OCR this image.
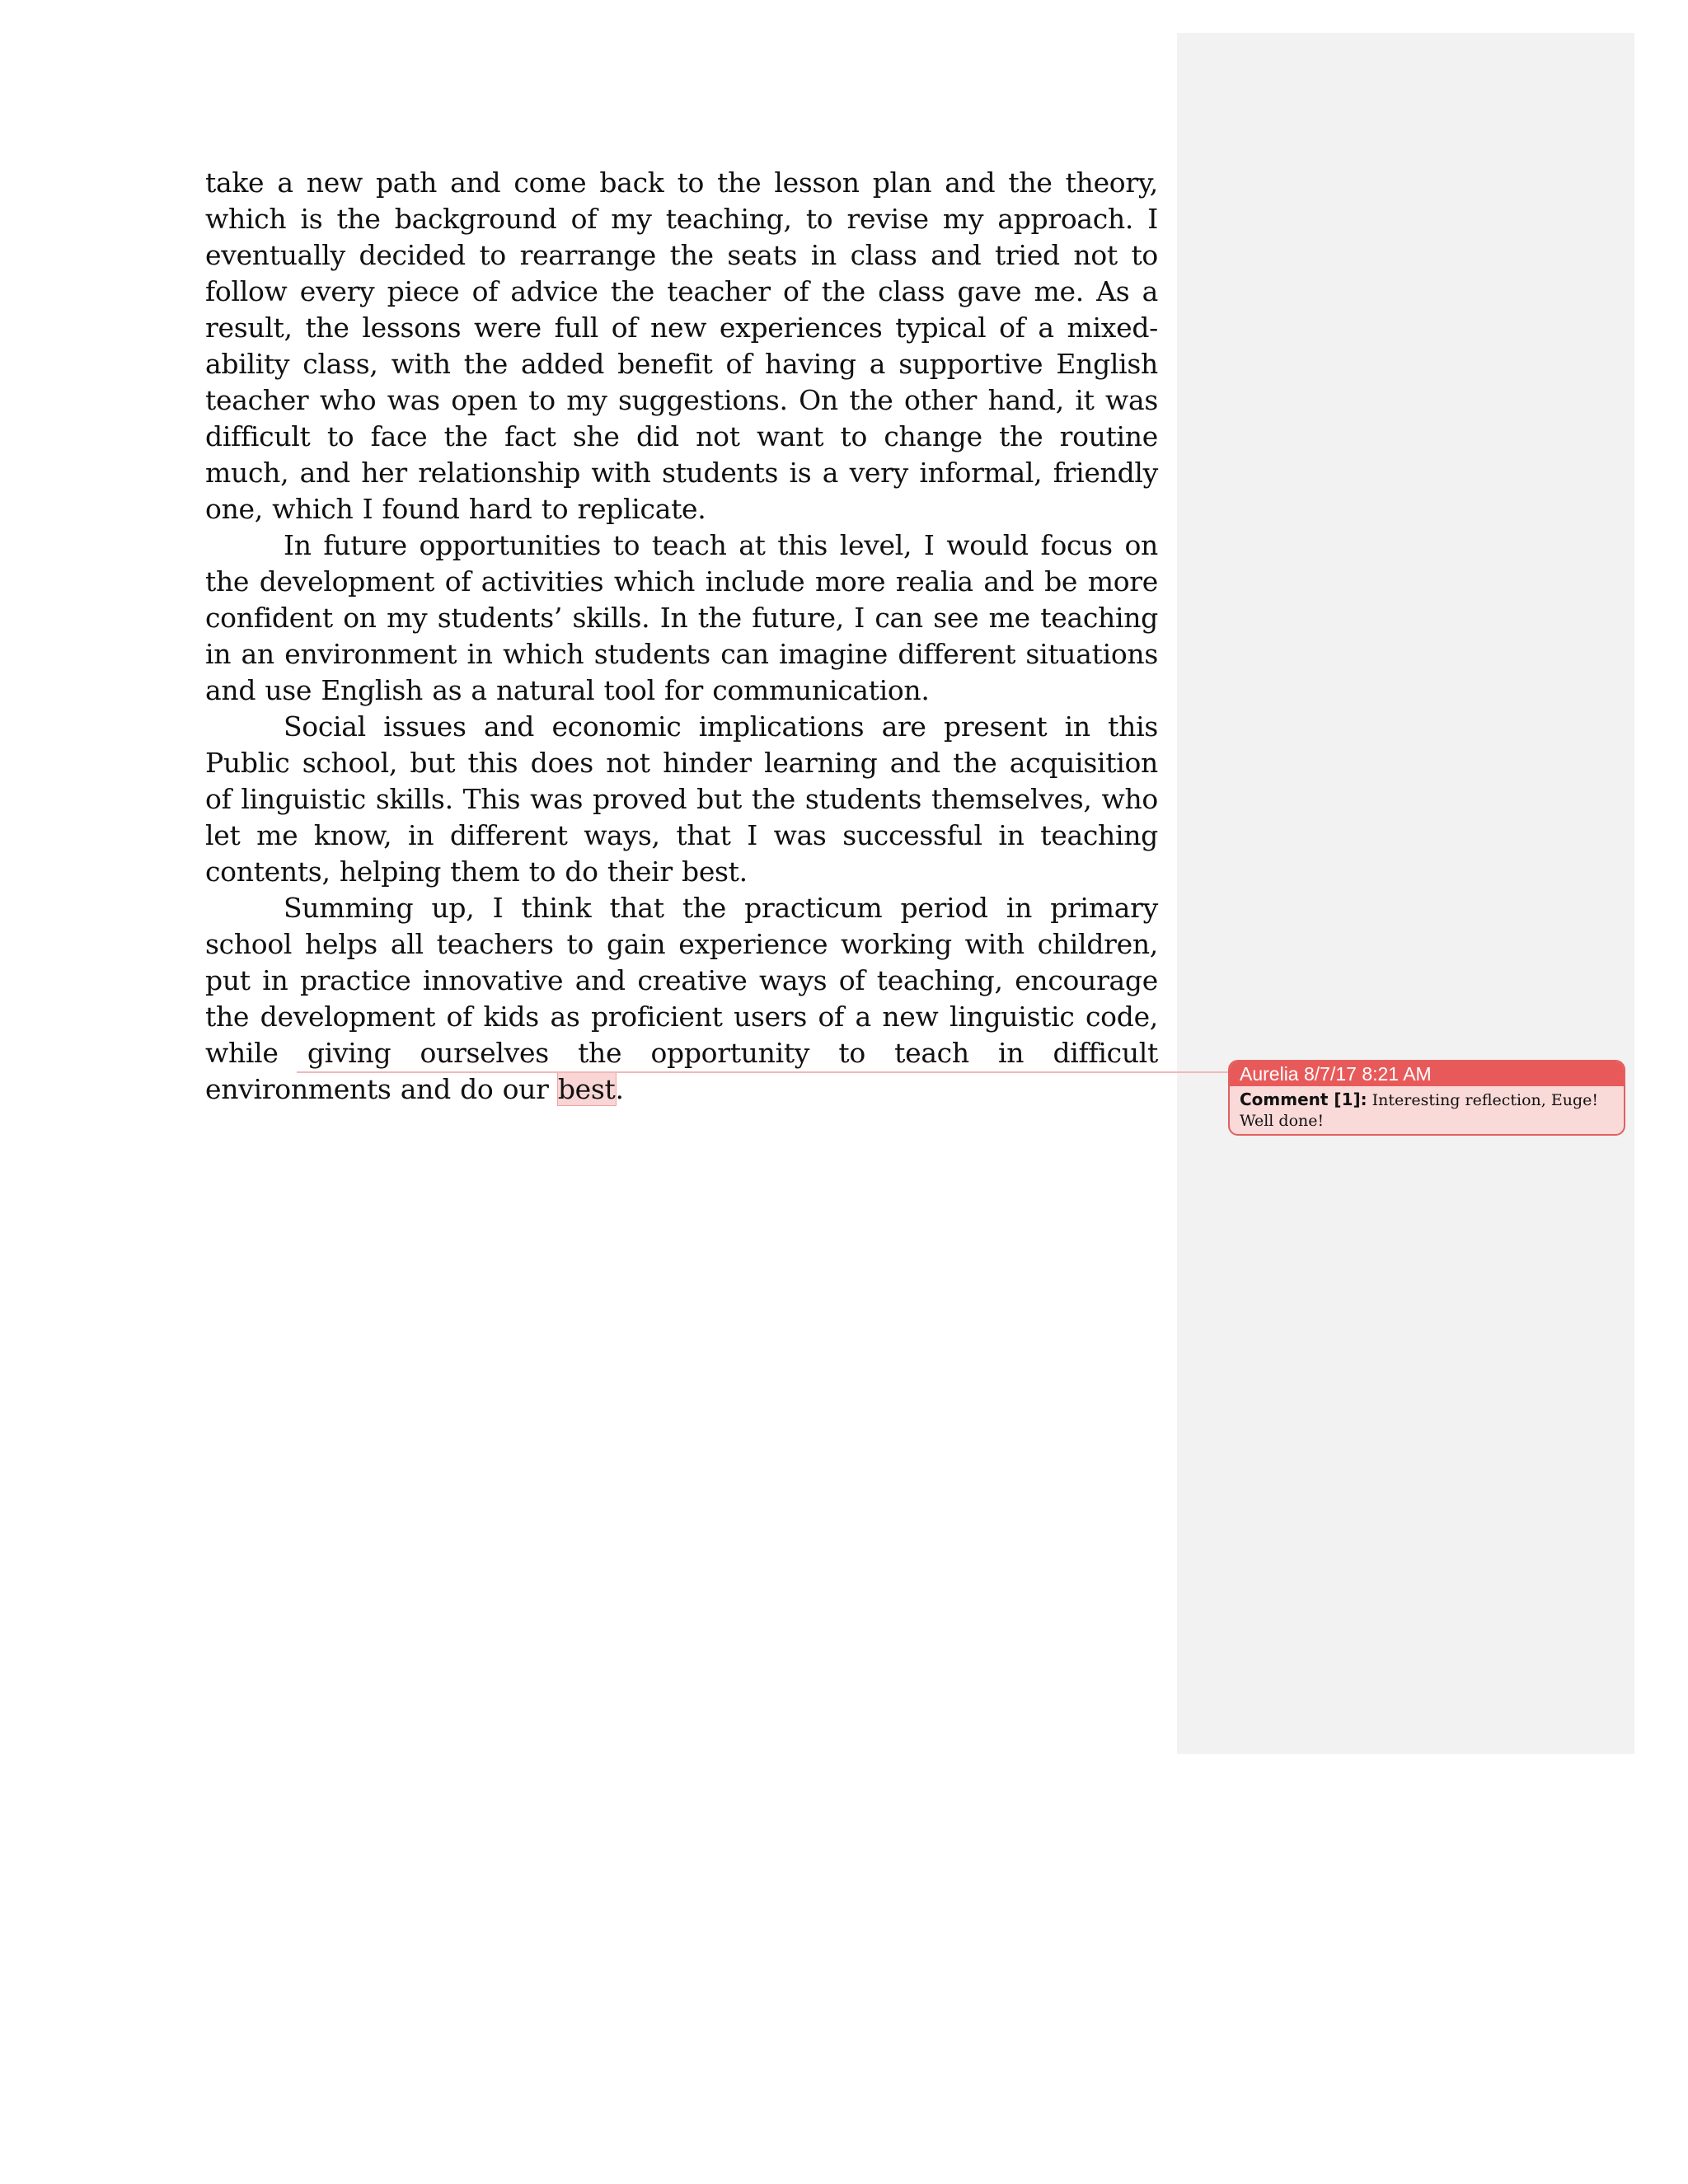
take a new path and come back to the lesson plan and the theory, which is the background of my teaching, to revise my approach. I eventually decided to rearrange the seats in class and tried not to follow every piece of advice the teacher of the class gave me. As a result, the lessons were full of new experiences typical of a mixed-ability class, with the added benefit of having a supportive English teacher who was open to my suggestions. On the other hand, it was difficult to face the fact she did not want to change the routine much, and her relationship with students is a very informal, friendly one, which I found hard to replicate.

In future opportunities to teach at this level, I would focus on the development of activities which include more realia and be more confident on my students’ skills. In the future, I can see me teaching in an environment in which students can imagine different situations and use English as a natural tool for communication.

Social issues and economic implications are present in this Public school, but this does not hinder learning and the acquisition of linguistic skills. This was proved but the students themselves, who let me know, in different ways, that I was successful in teaching contents, helping them to do their best.

Summing up, I think that the practicum period in primary school helps all teachers to gain experience working with children, put in practice innovative and creative ways of teaching, encourage the development of kids as proficient users of a new linguistic code, while giving ourselves the opportunity to teach in difficult environments and do our best.	Aurelia 8/7/17 8:21 AM
Comment [1]: Interesting reflection, Euge! Well done!
